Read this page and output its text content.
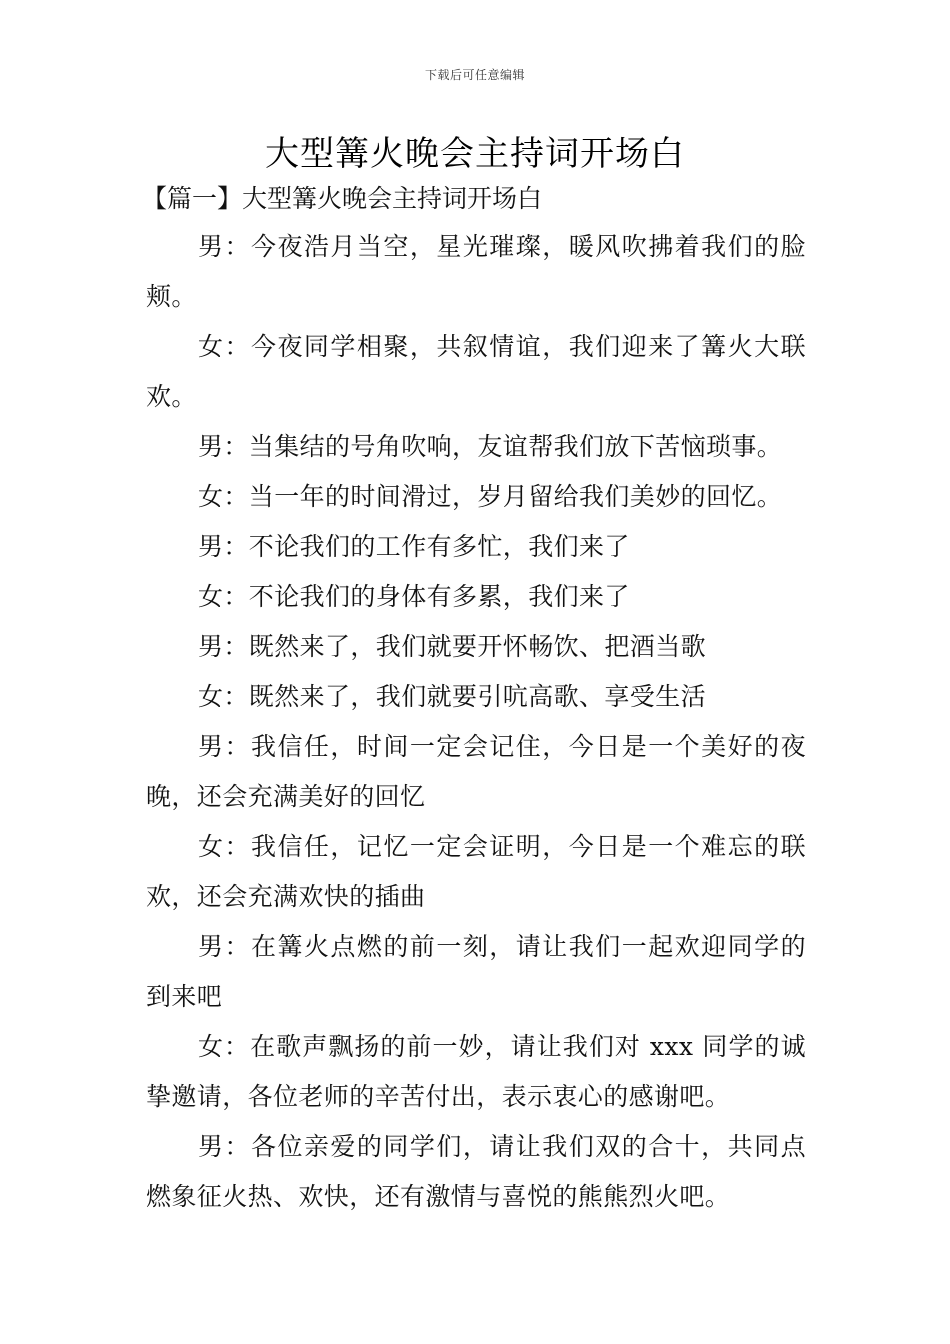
下载后可任意编辑
大型篝火晚会主持词开场白

【篇一】大型篝火晚会主持词开场白

男：今夜浩月当空，星光璀璨，暖风吹拂着我们的脸颊。

女：今夜同学相聚，共叙情谊，我们迎来了篝火大联欢。

男：当集结的号角吹响，友谊帮我们放下苦恼琐事。

女：当一年的时间滑过，岁月留给我们美妙的回忆。

男：不论我们的工作有多忙，我们来了

女：不论我们的身体有多累，我们来了

男：既然来了，我们就要开怀畅饮、把酒当歌

女：既然来了，我们就要引吭高歌、享受生活

男：我信任，时间一定会记住，今日是一个美好的夜晚，还会充满美好的回忆

女：我信任，记忆一定会证明，今日是一个难忘的联欢，还会充满欢快的插曲

男：在篝火点燃的前一刻，请让我们一起欢迎同学的到来吧

女：在歌声飘扬的前一妙，请让我们对 xxx 同学的诚挚邀请，各位老师的辛苦付出，表示衷心的感谢吧。

男：各位亲爱的同学们，请让我们双的合十，共同点燃象征火热、欢快，还有激情与喜悦的熊熊烈火吧。
